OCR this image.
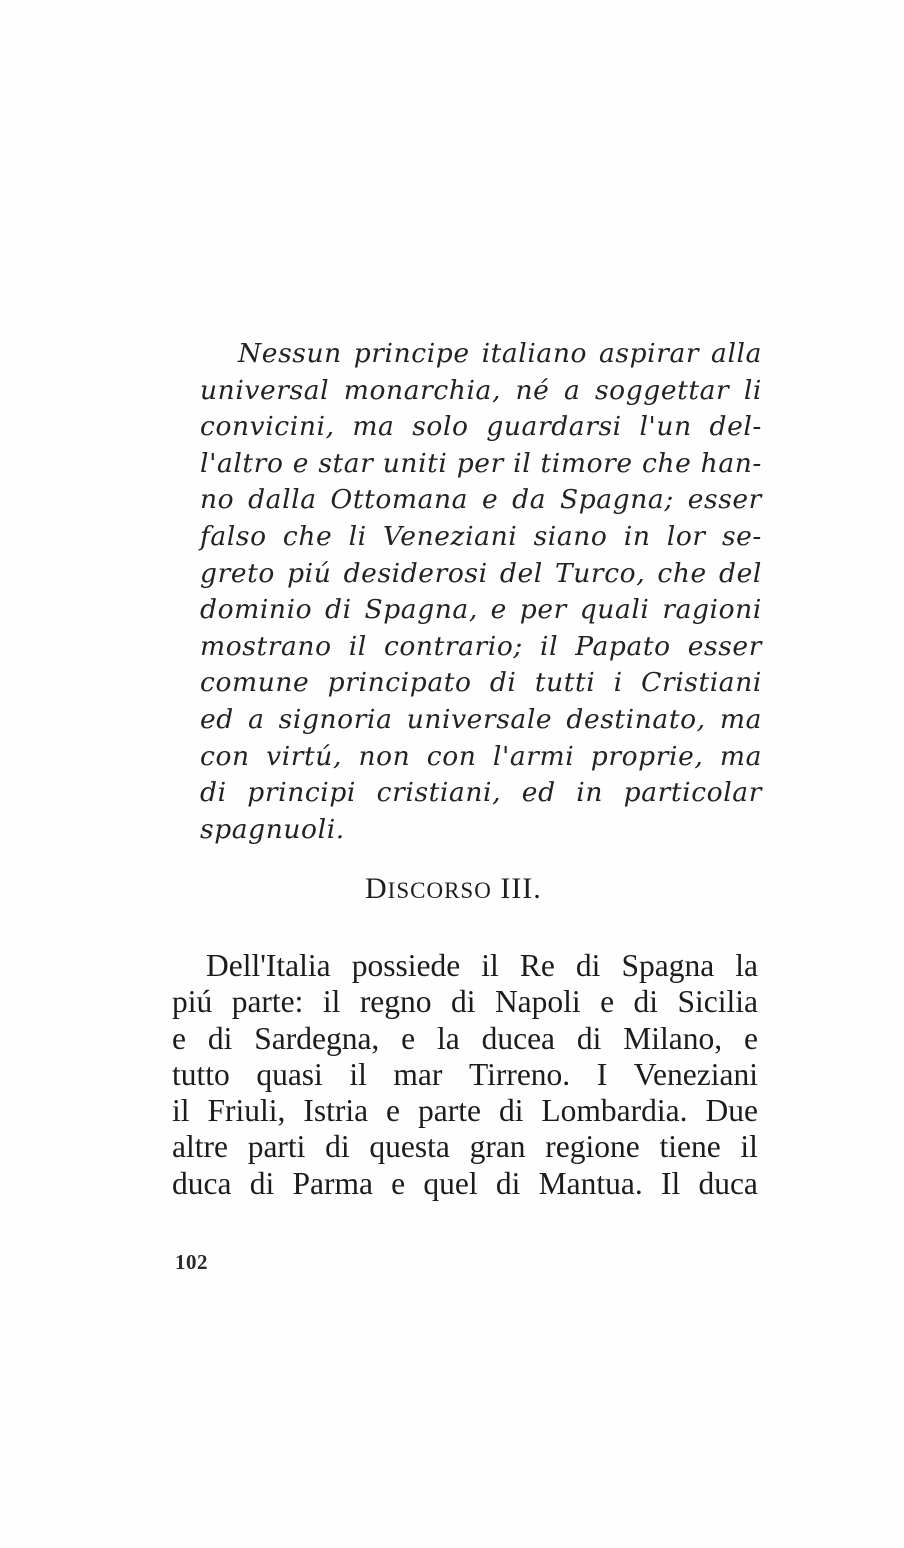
Nessun principe italiano aspirar alla
universal monarchia, né a soggettar li
convicini, ma solo guardarsi l'un del-
l'altro e star uniti per il timore che han-
no dalla Ottomana e da Spagna; esser
falso che li Veneziani siano in lor se-
greto piú desiderosi del Turco, che del
dominio di Spagna, e per quali ragioni
mostrano il contrario; il Papato esser
comune principato di tutti i Cristiani
ed a signoria universale destinato, ma
con virtú, non con l'armi proprie, ma
di principi cristiani, ed in particolar
spagnuoli.
DISCORSO III.
Dell'Italia possiede il Re di Spagna la
piú parte: il regno di Napoli e di Sicilia
e di Sardegna, e la ducea di Milano, e
tutto quasi il mar Tirreno. I Veneziani
il Friuli, Istria e parte di Lombardia. Due
altre parti di questa gran regione tiene il
duca di Parma e quel di Mantua. Il duca
102
